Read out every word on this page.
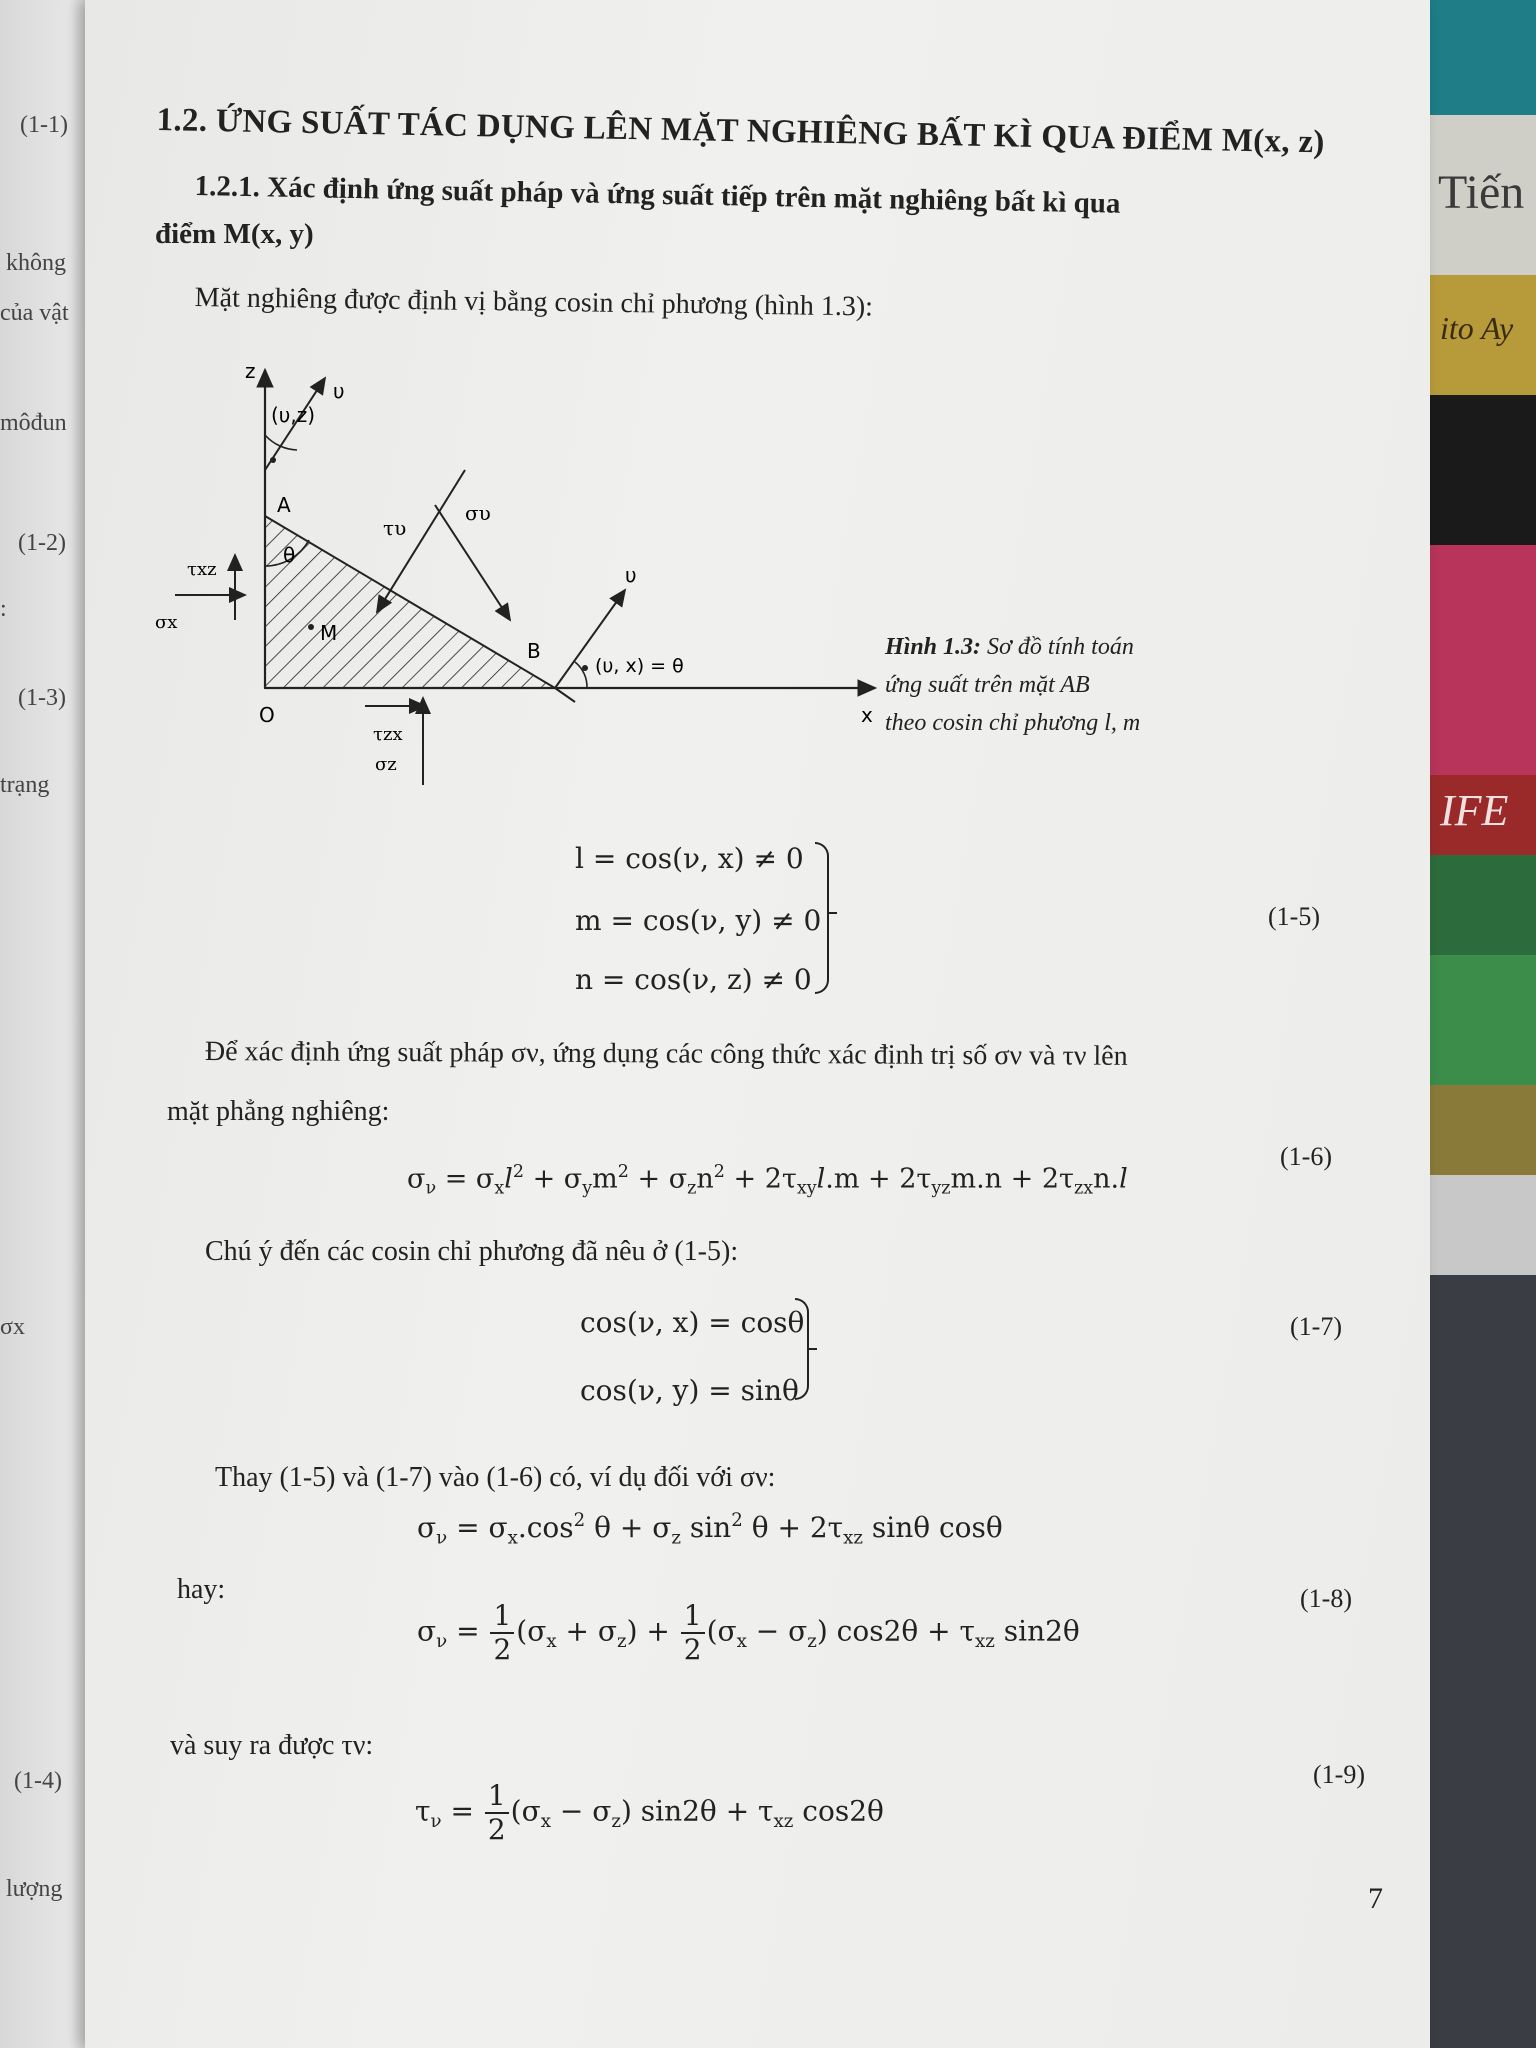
(1-1)
không
của vật
môđun
(1-2)
:
(1-3)
trạng
σx
(1-4)
lượng
Tiến
ito Ay
IFE
1.2. ỨNG SUẤT TÁC DỤNG LÊN MẶT NGHIÊNG BẤT KÌ QUA ĐIỂM M(x, z)
1.2.1. Xác định ứng suất pháp và ứng suất tiếp trên mặt nghiêng bất kì qua
điểm M(x, y)
Mặt nghiêng được định vị bằng cosin chỉ phương (hình 1.3):
z
x
O
A
B
M
υ
(υ,z)
θ
τυ
συ
υ
(υ, x) = θ
τxz
σx
τzx
σz
Hình 1.3: Sơ đồ tính toán
ứng suất trên mặt AB
theo cosin chỉ phương l, m
l = cos(ν, x) ≠ 0
m = cos(ν, y) ≠ 0
n = cos(ν, z) ≠ 0
(1-5)
Để xác định ứng suất pháp σν, ứng dụng các công thức xác định trị số σν và τν lên
mặt phẳng nghiêng:
$\sigma_\nu = \sigma_xl^2 + \sigma_ym^2 + \sigma_zn^2 + 2\tau_{xy}l.m + 2\tau_{yz}m.n + 2\tau_{zx}n.l$
(1-6)
Chú ý đến các cosin chỉ phương đã nêu ở (1-5):
cos(ν, x) = cosθ
cos(ν, y) = sinθ
(1-7)
Thay (1-5) và (1-7) vào (1-6) có, ví dụ đối với σν:
$\sigma_\nu = \sigma_x.\cos^2$ $\theta + \sigma_z$ $\sin^2 \theta + 2\tau_{xz}$ sinθ cosθ
hay:	(1-8)
$\sigma_\nu = \frac{1}{2} (\sigma_x + \sigma_z) + \frac{1}{2} (\sigma_x - \sigma_z) \cos 2\theta + \tau_{xz}$ sin2θ
và suy ra được τν:
$\tau_\nu = \frac{1}{2} (\sigma_x - \sigma_z) \sin 2\theta + \tau_{xz}$ cos2θ
(1-9)
7
